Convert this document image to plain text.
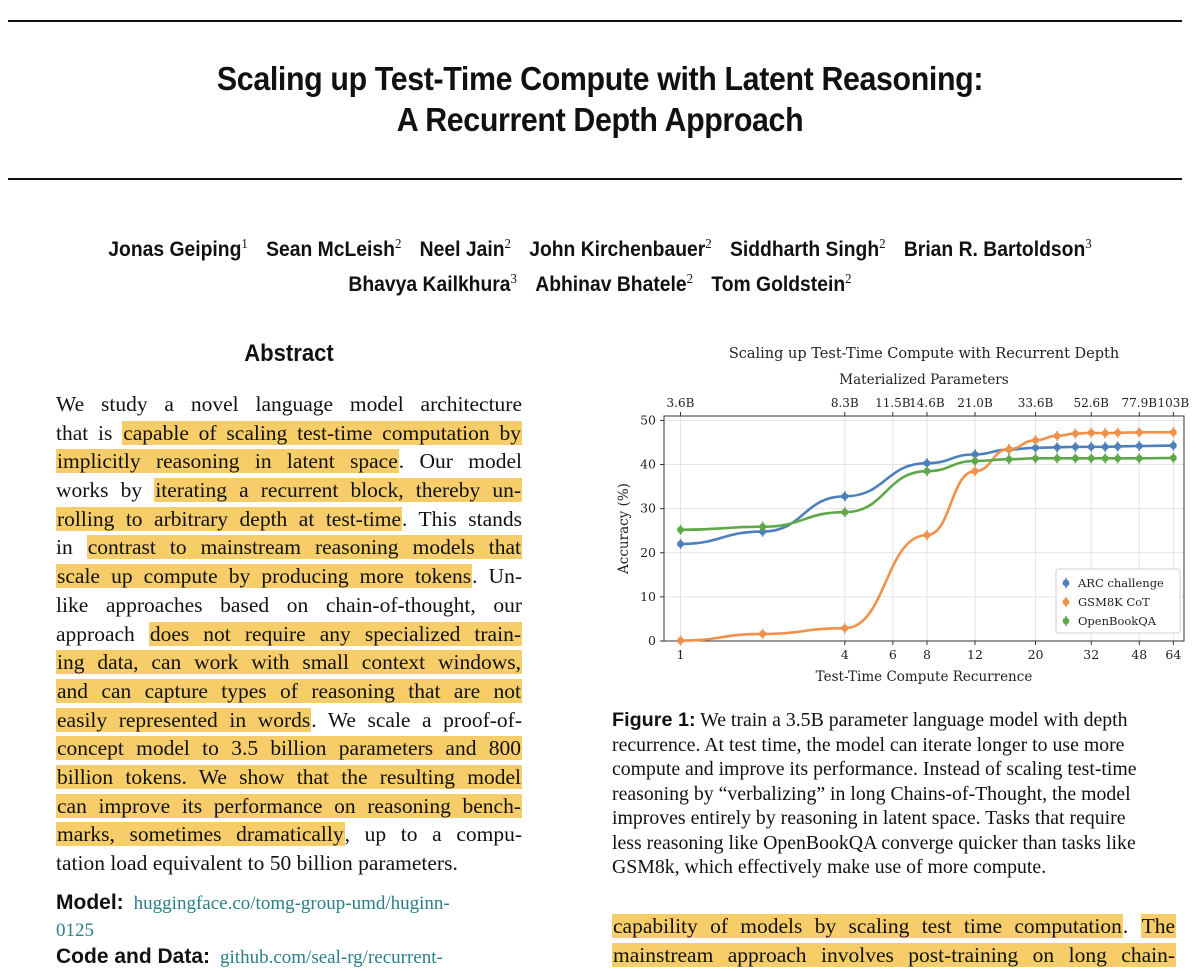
Scaling up Test-Time Compute with Latent Reasoning:
A Recurrent Depth Approach
Jonas Geiping$^1$ Sean McLeish$^2$ Neel Jain$^2$ John Kirchenbauer$^2$ Siddharth Singh$^2$ Brian R. Bartoldson$^3$
Bhavya Kailkhura$^3$ Abhinav Bhatele$^2$ Tom Goldstein$^2$
Abstract
We study a novel language model architecture
that is capable of scaling test-time computation by
implicitly reasoning in latent space. Our model
works by iterating a recurrent block, thereby un-
rolling to arbitrary depth at test-time. This stands
in contrast to mainstream reasoning models that
scale up compute by producing more tokens. Un-
like approaches based on chain-of-thought, our
approach does not require any specialized train-
ing data, can work with small context windows,
and can capture types of reasoning that are not
easily represented in words. We scale a proof-of-
concept model to 3.5 billion parameters and 800
billion tokens. We show that the resulting model
can improve its performance on reasoning bench-
marks, sometimes dramatically, up to a compu-
tation load equivalent to 50 billion parameters.
Model: huggingface.co/tomg-group-umd/huginn-
0125
Code and Data: github.com/seal-rg/recurrent-
Scaling up Test-Time Compute with Recurrent Depth
Materialized Parameters
1	4	6 8	12	20	32	48 64
3.6B	8.3B 11.5B
14.6B 21.0B 33.6B 52.6B 77.9B 103B
0
10
20
30
40
50
Test-Time Compute Recurrence
Accuracy (%)
ARC challenge
GSM8K CoT
OpenBookQA
Figure 1: We train a 3.5B parameter language model with depth
recurrence. At test time, the model can iterate longer to use more
compute and improve its performance. Instead of scaling test-time
reasoning by “verbalizing” in long Chains-of-Thought, the model
improves entirely by reasoning in latent space. Tasks that require
less reasoning like OpenBookQA converge quicker than tasks like
GSM8k, which effectively make use of more compute.
capability of models by scaling test time computation. The
mainstream approach involves post-training on long chain-
